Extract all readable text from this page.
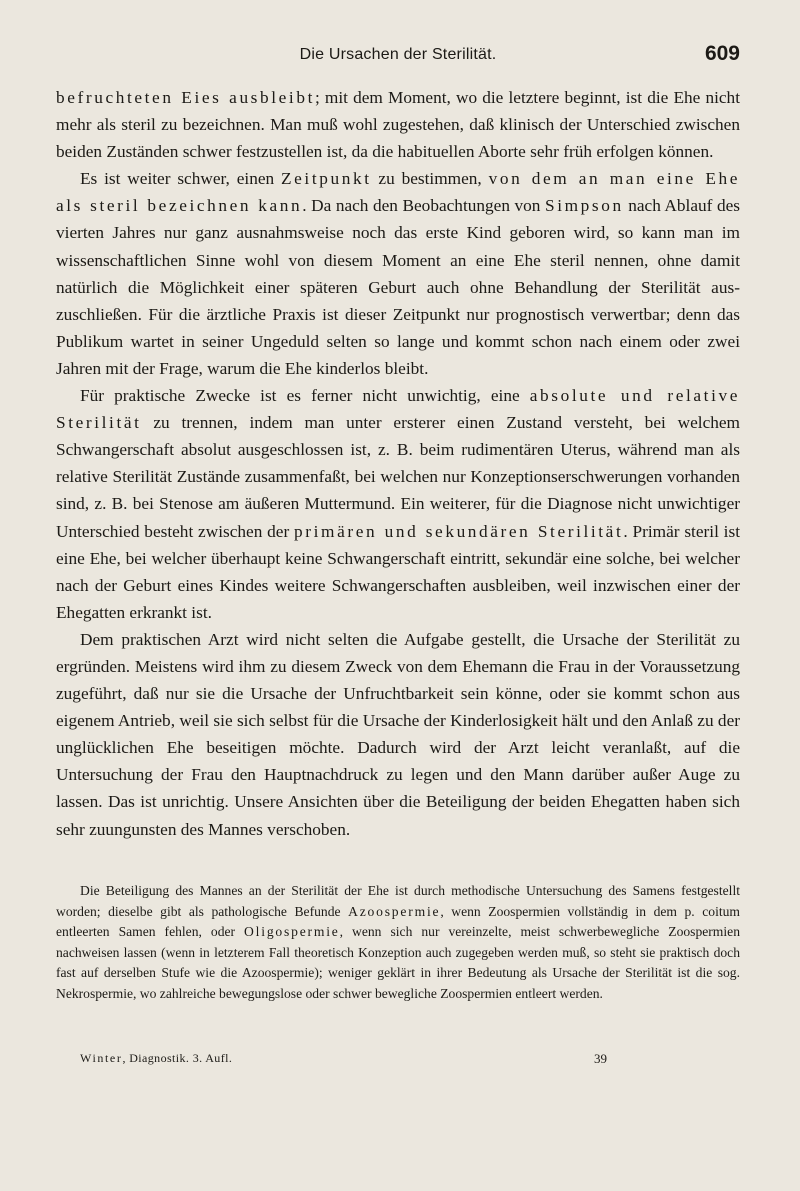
Die Ursachen der Sterilität.	609

befruchteten Eies ausbleibt; mit dem Moment, wo die letztere beginnt, ist die Ehe nicht mehr als steril zu bezeichnen. Man muß wohl zugestehen, daß klinisch der Unterschied zwischen beiden Zuständen schwer festzustellen ist, da die habituellen Aborte sehr früh erfolgen können.

Es ist weiter schwer, einen Zeitpunkt zu bestimmen, von dem an man eine Ehe als steril bezeichnen kann. Da nach den Beobachtungen von Simpson nach Ablauf des vierten Jahres nur ganz ausnahmsweise noch das erste Kind geboren wird, so kann man im wissenschaftlichen Sinne wohl von diesem Moment an eine Ehe steril nennen, ohne damit natürlich die Möglichkeit einer späteren Geburt auch ohne Behandlung der Sterilität auszuschließen. Für die ärztliche Praxis ist dieser Zeitpunkt nur prognostisch verwertbar; denn das Publikum wartet in seiner Ungeduld selten so lange und kommt schon nach einem oder zwei Jahren mit der Frage, warum die Ehe kinderlos bleibt.

Für praktische Zwecke ist es ferner nicht unwichtig, eine absolute und relative Sterilität zu trennen, indem man unter ersterer einen Zustand versteht, bei welchem Schwangerschaft absolut ausgeschlossen ist, z. B. beim rudimentären Uterus, während man als relative Sterilität Zustände zusammenfaßt, bei welchen nur Konzeptionserschwerungen vorhanden sind, z. B. bei Stenose am äußeren Muttermund. Ein weiterer, für die Diagnose nicht unwichtiger Unterschied besteht zwischen der primären und sekundären Sterilität. Primär steril ist eine Ehe, bei welcher überhaupt keine Schwangerschaft eintritt, sekundär eine solche, bei welcher nach der Geburt eines Kindes weitere Schwangerschaften ausbleiben, weil inzwischen einer der Ehegatten erkrankt ist.

Dem praktischen Arzt wird nicht selten die Aufgabe gestellt, die Ursache der Sterilität zu ergründen. Meistens wird ihm zu diesem Zweck von dem Ehemann die Frau in der Voraussetzung zugeführt, daß nur sie die Ursache der Unfruchtbarkeit sein könne, oder sie kommt schon aus eigenem Antrieb, weil sie sich selbst für die Ursache der Kinderlosigkeit hält und den Anlaß zu der unglücklichen Ehe beseitigen möchte. Dadurch wird der Arzt leicht veranlaßt, auf die Untersuchung der Frau den Hauptnachdruck zu legen und den Mann darüber außer Auge zu lassen. Das ist unrichtig. Unsere Ansichten über die Beteiligung der beiden Ehegatten haben sich sehr zuungunsten des Mannes verschoben.

Die Beteiligung des Mannes an der Sterilität der Ehe ist durch methodische Untersuchung des Samens festgestellt worden; dieselbe gibt als pathologische Befunde Azoospermie, wenn Zoospermien vollständig in dem p. coitum entleerten Samen fehlen, oder Oligospermie, wenn sich nur vereinzelte, meist schwerbewegliche Zoospermien nachweisen lassen (wenn in letzterem Fall theoretisch Konzeption auch zugegeben werden muß, so steht sie praktisch doch fast auf derselben Stufe wie die Azoospermie); weniger geklärt in ihrer Bedeutung als Ursache der Sterilität ist die sog. Nekrospermie, wo zahlreiche bewegungslose oder schwer bewegliche Zoospermien entleert werden.
Winter, Diagnostik. 3. Aufl.	39
